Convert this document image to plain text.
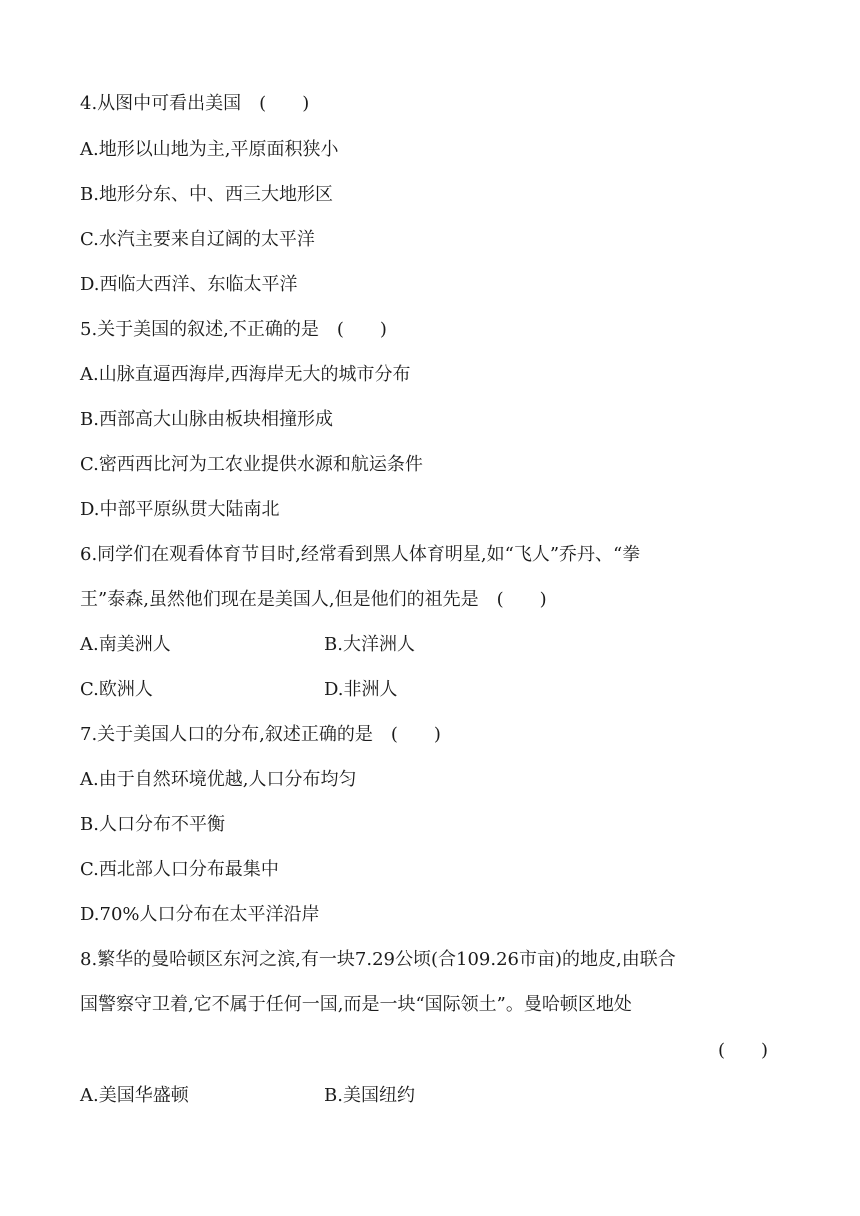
4.从图中可看出美国　(　　)
A.地形以山地为主,平原面积狭小
B.地形分东、中、西三大地形区
C.水汽主要来自辽阔的太平洋
D.西临大西洋、东临太平洋
5.关于美国的叙述,不正确的是　(　　)
A.山脉直逼西海岸,西海岸无大的城市分布
B.西部高大山脉由板块相撞形成
C.密西西比河为工农业提供水源和航运条件
D.中部平原纵贯大陆南北
6.同学们在观看体育节目时,经常看到黑人体育明星,如“飞人”乔丹、“拳
王”泰森,虽然他们现在是美国人,但是他们的祖先是　(　　)
A.南美洲人	B.大洋洲人
C.欧洲人	D.非洲人
7.关于美国人口的分布,叙述正确的是　(　　)
A.由于自然环境优越,人口分布均匀
B.人口分布不平衡
C.西北部人口分布最集中
D.70%人口分布在太平洋沿岸
8.繁华的曼哈顿区东河之滨,有一块7.29公顷(合109.26市亩)的地皮,由联合
国警察守卫着,它不属于任何一国,而是一块“国际领土”。曼哈顿区地处
(　　)
A.美国华盛顿	B.美国纽约
